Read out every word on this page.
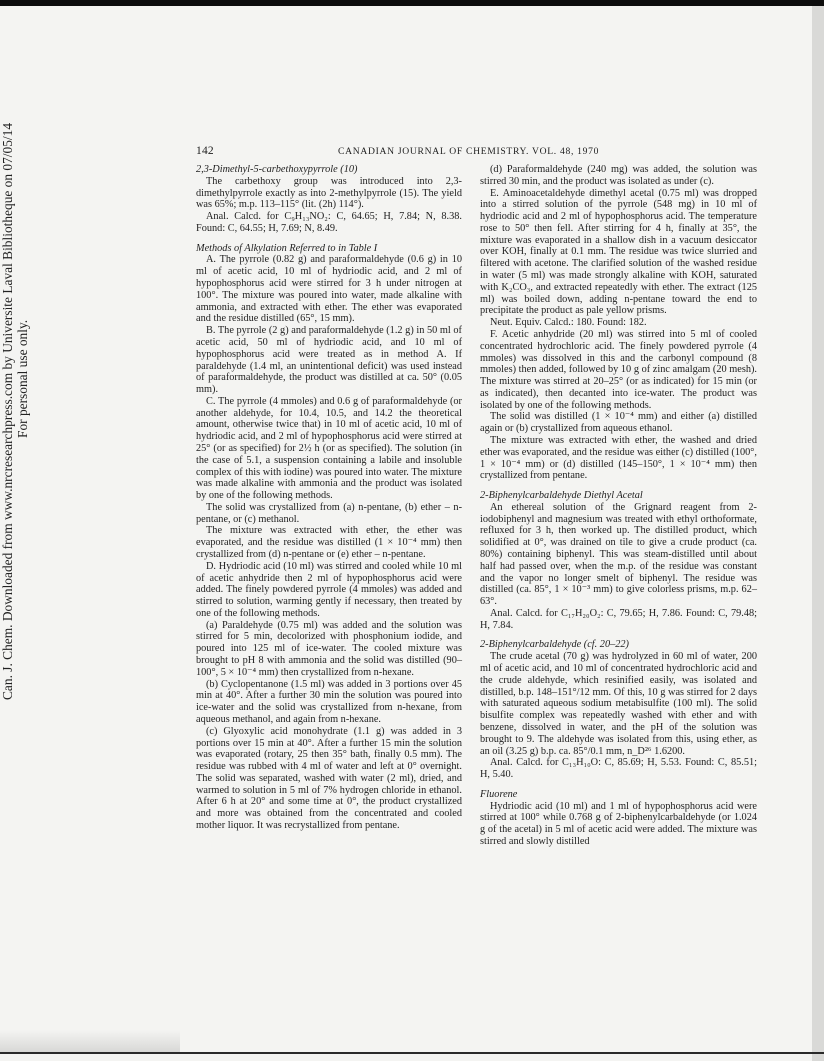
Can. J. Chem. Downloaded from www.nrcresearchpress.com by Universite Laval Bibliotheque on 07/05/14 For personal use only.
142	CANADIAN JOURNAL OF CHEMISTRY. VOL. 48, 1970
2,3-Dimethyl-5-carbethoxypyrrole (10)

The carbethoxy group was introduced into 2,3-dimethylpyrrole exactly as into 2-methylpyrrole (15). The yield was 65%; m.p. 113–115° (lit. (2h) 114°).

Anal. Calcd. for C₉H₁₃NO₂: C, 64.65; H, 7.84; N, 8.38. Found: C, 64.55; H, 7.69; N, 8.49.

Methods of Alkylation Referred to in Table I

A. The pyrrole (0.82 g) and paraformaldehyde (0.6 g) in 10 ml of acetic acid, 10 ml of hydriodic acid, and 2 ml of hypophosphorus acid were stirred for 3 h under nitrogen at 100°. The mixture was poured into water, made alkaline with ammonia, and extracted with ether. The ether was evaporated and the residue distilled (65°, 15 mm).

B. The pyrrole (2 g) and paraformaldehyde (1.2 g) in 50 ml of acetic acid, 50 ml of hydriodic acid, and 10 ml of hypophosphorus acid were treated as in method A. If paraldehyde (1.4 ml, an unintentional deficit) was used instead of paraformaldehyde, the product was distilled at ca. 50° (0.05 mm).

C. The pyrrole (4 mmoles) and 0.6 g of paraformaldehyde (or another aldehyde, for 10.4, 10.5, and 14.2 the theoretical amount, otherwise twice that) in 10 ml of acetic acid, 10 ml of hydriodic acid, and 2 ml of hypophosphorus acid were stirred at 25° (or as specified) for 2½ h (or as specified). The solution (in the case of 5.1, a suspension containing a labile and insoluble complex of this with iodine) was poured into water. The mixture was made alkaline with ammonia and the product was isolated by one of the following methods.

The solid was crystallized from (a) n-pentane, (b) ether – n-pentane, or (c) methanol.

The mixture was extracted with ether, the ether was evaporated, and the residue was distilled (1 × 10⁻⁴ mm) then crystallized from (d) n-pentane or (e) ether – n-pentane.

D. Hydriodic acid (10 ml) was stirred and cooled while 10 ml of acetic anhydride then 2 ml of hypophosphorus acid were added. The finely powdered pyrrole (4 mmoles) was added and stirred to solution, warming gently if necessary, then treated by one of the following methods.

(a) Paraldehyde (0.75 ml) was added and the solution was stirred for 5 min, decolorized with phosphonium iodide, and poured into 125 ml of ice-water. The cooled mixture was brought to pH 8 with ammonia and the solid was distilled (90–100°, 5 × 10⁻⁴ mm) then crystallized from n-hexane.

(b) Cyclopentanone (1.5 ml) was added in 3 portions over 45 min at 40°. After a further 30 min the solution was poured into ice-water and the solid was crystallized from n-hexane, from aqueous methanol, and again from n-hexane.

(c) Glyoxylic acid monohydrate (1.1 g) was added in 3 portions over 15 min at 40°. After a further 15 min the solution was evaporated (rotary, 25 then 35° bath, finally 0.5 mm). The residue was rubbed with 4 ml of water and left at 0° overnight. The solid was separated, washed with water (2 ml), dried, and warmed to solution in 5 ml of 7% hydrogen chloride in ethanol. After 6 h at 20° and some time at 0°, the product crystallized and more was obtained from the concentrated and cooled mother liquor. It was recrystallized from pentane.

(d) Paraformaldehyde (240 mg) was added, the solution was stirred 30 min, and the product was isolated as under (c).

E. Aminoacetaldehyde dimethyl acetal (0.75 ml) was dropped into a stirred solution of the pyrrole (548 mg) in 10 ml of hydriodic acid and 2 ml of hypophosphorus acid. The temperature rose to 50° then fell. After stirring for 4 h, finally at 35°, the mixture was evaporated in a shallow dish in a vacuum desiccator over KOH, finally at 0.1 mm. The residue was twice slurried and filtered with acetone. The clarified solution of the washed residue in water (5 ml) was made strongly alkaline with KOH, saturated with K₂CO₃, and extracted repeatedly with ether. The extract (125 ml) was boiled down, adding n-pentane toward the end to precipitate the product as pale yellow prisms.

Neut. Equiv. Calcd.: 180. Found: 182.

F. Acetic anhydride (20 ml) was stirred into 5 ml of cooled concentrated hydrochloric acid. The finely powdered pyrrole (4 mmoles) was dissolved in this and the carbonyl compound (8 mmoles) then added, followed by 10 g of zinc amalgam (20 mesh). The mixture was stirred at 20–25° (or as indicated) for 15 min (or as indicated), then decanted into ice-water. The product was isolated by one of the following methods.

The solid was distilled (1 × 10⁻⁴ mm) and either (a) distilled again or (b) crystallized from aqueous ethanol.

The mixture was extracted with ether, the washed and dried ether was evaporated, and the residue was either (c) distilled (100°, 1 × 10⁻⁴ mm) or (d) distilled (145–150°, 1 × 10⁻⁴ mm) then crystallized from pentane.

2-Biphenylcarbaldehyde Diethyl Acetal

An ethereal solution of the Grignard reagent from 2-iodobiphenyl and magnesium was treated with ethyl orthoformate, refluxed for 3 h, then worked up. The distilled product, which solidified at 0°, was drained on tile to give a crude product (ca. 80%) containing biphenyl. This was steam-distilled until about half had passed over, when the m.p. of the residue was constant and the vapor no longer smelt of biphenyl. The residue was distilled (ca. 85°, 1 × 10⁻³ mm) to give colorless prisms, m.p. 62–63°.

Anal. Calcd. for C₁₇H₂₀O₂: C, 79.65; H, 7.86. Found: C, 79.48; H, 7.84.

2-Biphenylcarbaldehyde (cf. 20–22)

The crude acetal (70 g) was hydrolyzed in 60 ml of water, 200 ml of acetic acid, and 10 ml of concentrated hydrochloric acid and the crude aldehyde, which resinified easily, was isolated and distilled, b.p. 148–151°/12 mm. Of this, 10 g was stirred for 2 days with saturated aqueous sodium metabisulfite (100 ml). The solid bisulfite complex was repeatedly washed with ether and with benzene, dissolved in water, and the pH of the solution was brought to 9. The aldehyde was isolated from this, using ether, as an oil (3.25 g) b.p. ca. 85°/0.1 mm, n_D²⁶ 1.6200.

Anal. Calcd. for C₁₃H₁₀O: C, 85.69; H, 5.53. Found: C, 85.51; H, 5.40.

Fluorene

Hydriodic acid (10 ml) and 1 ml of hypophosphorus acid were stirred at 100° while 0.768 g of 2-biphenylcarbaldehyde (or 1.024 g of the acetal) in 5 ml of acetic acid were added. The mixture was stirred and slowly distilled
